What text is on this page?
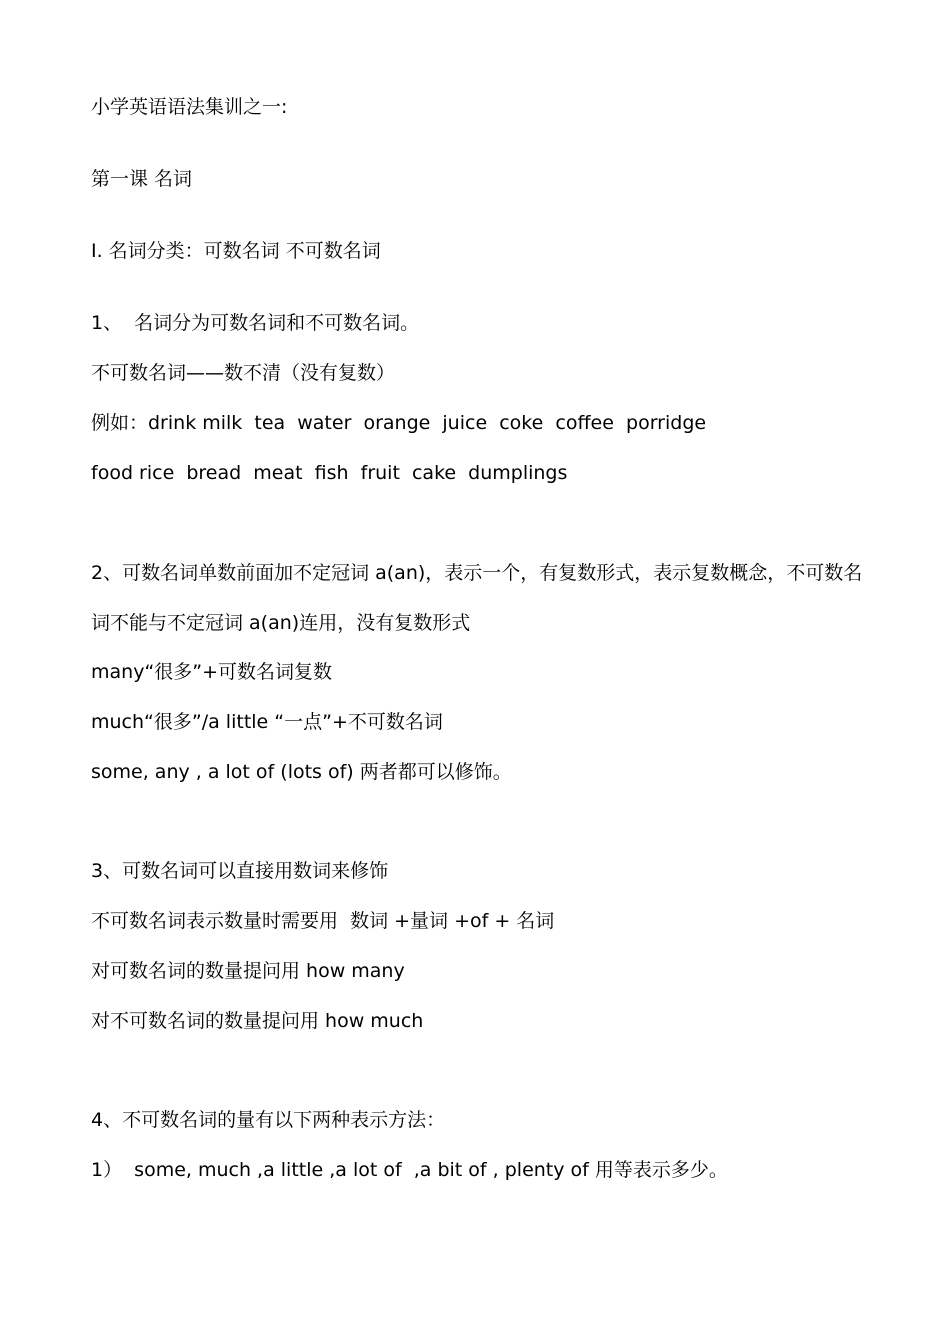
小学英语语法集训之一:
第一课 名词
I. 名词分类：可数名词 不可数名词
1、  名词分为可数名词和不可数名词。
不可数名词——数不清（没有复数）
例如：drink milk  tea  water  orange  juice  coke  coffee  porridge
food rice  bread  meat  fish  fruit  cake  dumplings
2、可数名词单数前面加不定冠词 a(an)，表示一个，有复数形式，表示复数概念，不可数名
词不能与不定冠词 a(an)连用，没有复数形式
many“很多”+可数名词复数
much“很多”/a little “一点”+不可数名词
some, any , a lot of (lots of) 两者都可以修饰。
3、可数名词可以直接用数词来修饰
不可数名词表示数量时需要用  数词 +量词 +of + 名词
对可数名词的数量提问用 how many
对不可数名词的数量提问用 how much
4、不可数名词的量有以下两种表示方法：
1）  some, much ,a little ,a lot of  ,a bit of , plenty of 用等表示多少。
